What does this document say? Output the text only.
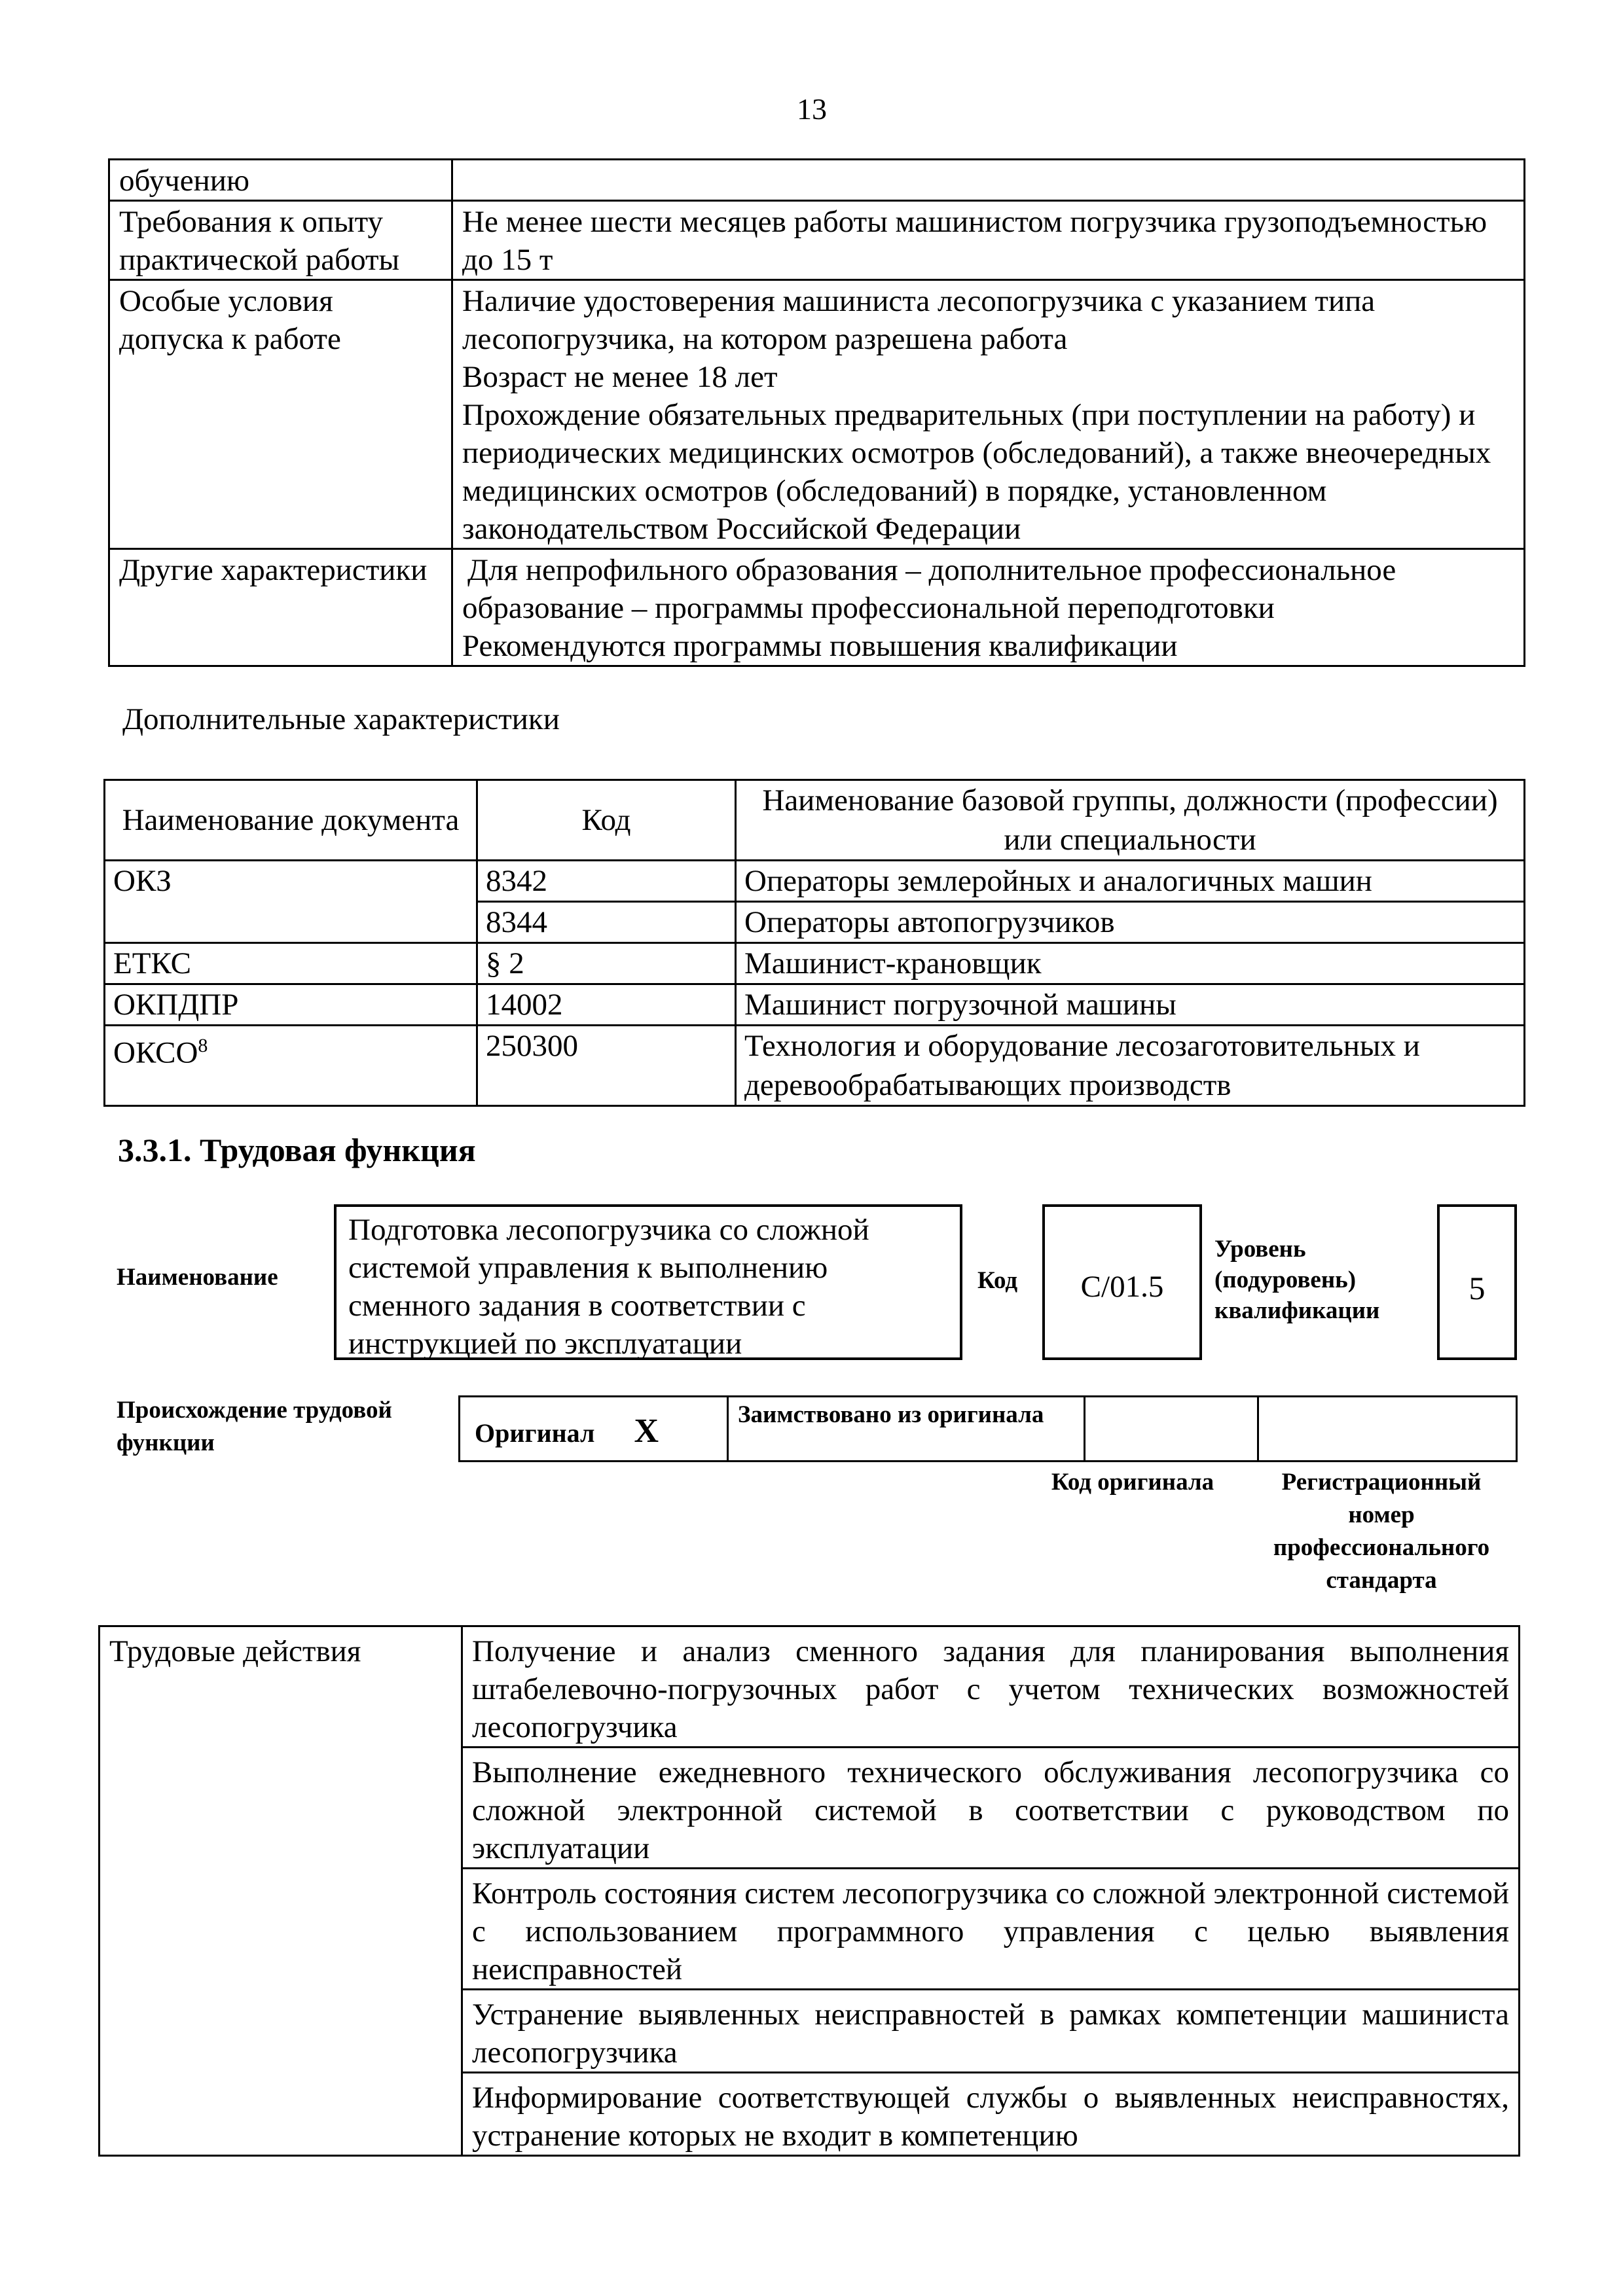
13
обучению	
Требования к опыту практической работы	Не менее шести месяцев работы машинистом погрузчика грузоподъемностью до 15 т
Особые условия допуска к работе	Наличие удостоверения машиниста лесопогрузчика с указанием типа лесопогрузчика, на котором разрешена работа
Возраст не менее 18 лет
Прохождение обязательных предварительных (при поступлении на работу) и периодических медицинских осмотров (обследований), а также внеочередных медицинских осмотров (обследований) в порядке, установленном законодательством Российской Федерации

Другие характеристики	Для непрофильного образования – дополнительное профессиональное образование – программы профессиональной переподготовки
Рекомендуются программы повышения квалификации
Дополнительные характеристики
Наименование документа	Код	Наименование базовой группы, должности (профессии) или специальности
ОКЗ	8342	Операторы землеройных и аналогичных машин
	8344	Операторы автопогрузчиков
ЕТКС	§ 2	Машинист-крановщик
ОКПДПР	14002	Машинист погрузочной машины
ОКСО$^8$	250300	Технология и оборудование лесозаготовительных и деревообрабатывающих производств
3.3.1. Трудовая функция
Наименование
Подготовка лесопогрузчика со сложной системой управления к выполнению сменного задания в соответствии с инструкцией по эксплуатации
Код	C/01.5
Уровень (подуровень) квалификации
5
Происхождение трудовой функции	Оригинал X	Заимствовано из оригинала		
Код оригинала	Регистрационный номер профессионального стандарта
Трудовые действия	Получение и анализ сменного задания для планирования выполнения штабелевочно-погрузочных работ с учетом технических возможностей лесопогрузчика
Выполнение ежедневного технического обслуживания лесопогрузчика со сложной электронной системой в соответствии с руководством по эксплуатации
Контроль состояния систем лесопогрузчика со сложной электронной системой с использованием программного управления с целью выявления неисправностей
Устранение выявленных неисправностей в рамках компетенции машиниста лесопогрузчика
Информирование соответствующей службы о выявленных неисправностях, устранение которых не входит в компетенцию
